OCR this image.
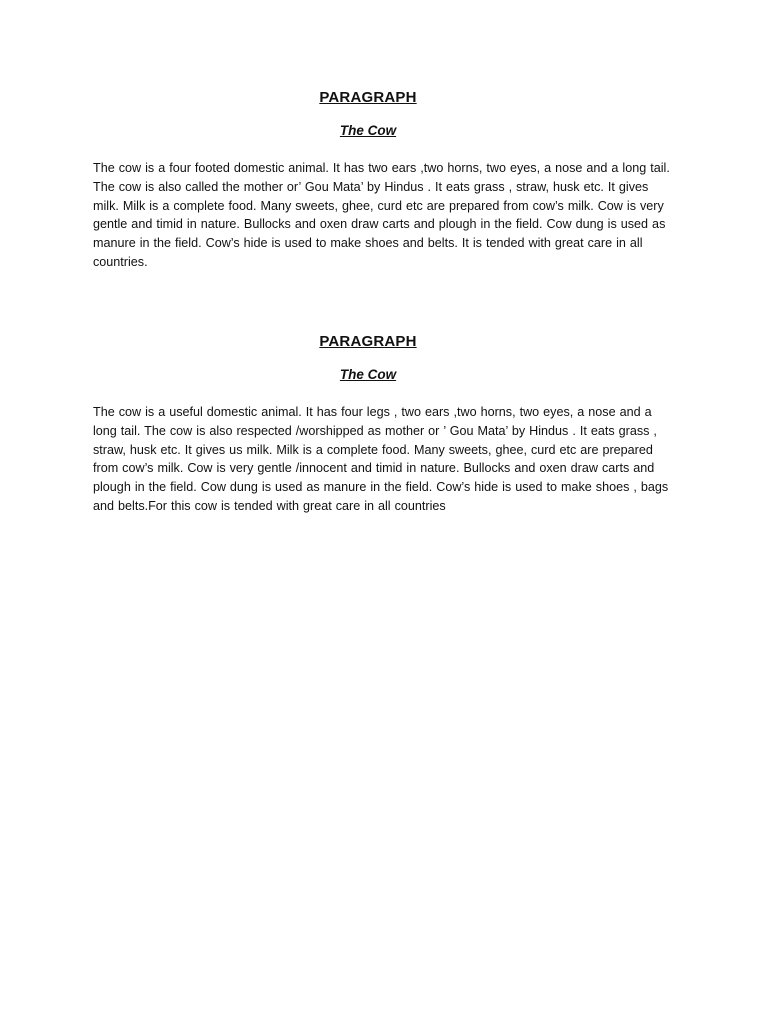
PARAGRAPH
The Cow

The cow is a four footed domestic animal. It has two ears ,two horns, two eyes, a nose and a long tail. The cow is also called the mother or’ Gou Mata’ by Hindus . It eats grass , straw, husk etc. It gives milk. Milk is a complete food. Many sweets, ghee, curd etc are prepared from cow’s milk. Cow is very gentle and timid in nature. Bullocks and oxen draw carts and plough in the field. Cow dung is used as manure in the field. Cow’s hide is used to make shoes and belts. It is tended with great care in all countries.

PARAGRAPH
The Cow

The cow is a useful domestic animal. It has four legs , two ears ,two horns, two eyes, a nose and a long tail. The cow is also respected /worshipped as mother or ’ Gou Mata’ by Hindus . It eats grass , straw, husk etc. It gives us milk. Milk is a complete food. Many sweets, ghee, curd etc are prepared from cow’s milk. Cow is very gentle /innocent and timid in nature. Bullocks and oxen draw carts and plough in the field. Cow dung is used as manure in the field. Cow’s hide is used to make shoes , bags and belts.For this cow is tended with great care in all countries
